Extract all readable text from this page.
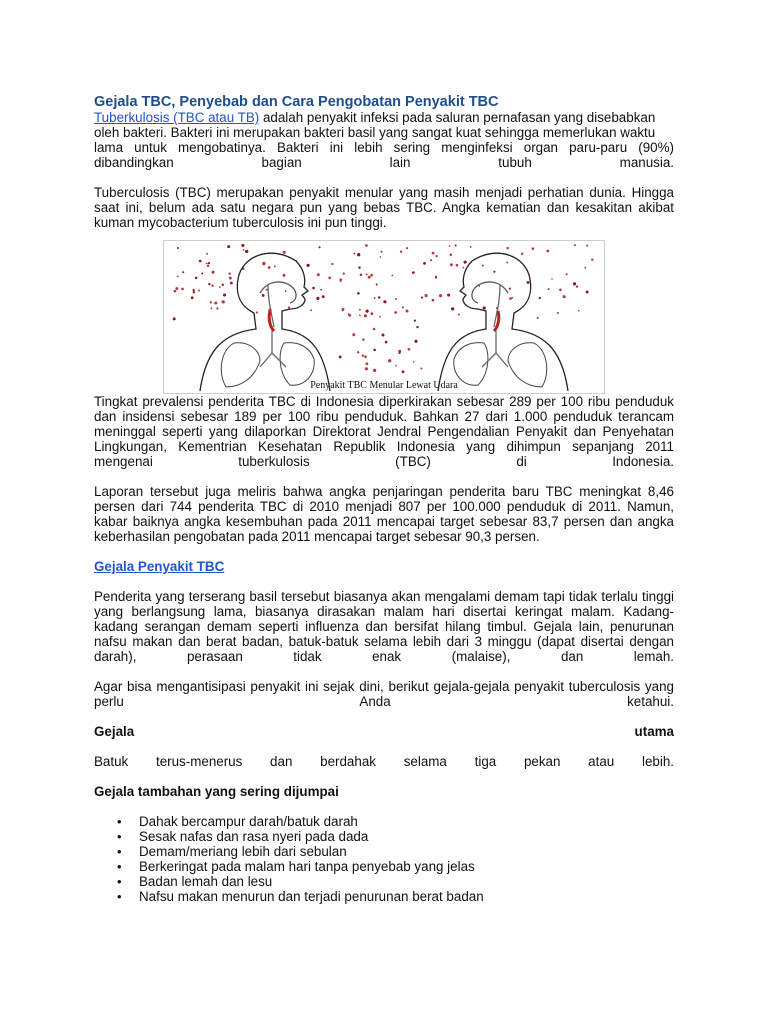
Gejala TBC, Penyebab dan Cara Pengobatan Penyakit TBC

Tuberkulosis (TBC atau TB) adalah penyakit infeksi pada saluran pernafasan yang disebabkan

oleh bakteri. Bakteri ini merupakan bakteri basil yang sangat kuat sehingga memerlukan waktu

lama untuk mengobatinya. Bakteri ini lebih sering menginfeksi organ paru-paru (90%)

dibandingkan bagian lain tubuh manusia.

Tuberculosis (TBC) merupakan penyakit menular yang masih menjadi perhatian dunia. Hingga

saat ini, belum ada satu negara pun yang bebas TBC. Angka kematian dan kesakitan akibat

kuman mycobacterium tuberculosis ini pun tinggi.

Penyakit TBC Menular Lewat Udara

Tingkat prevalensi penderita TBC di Indonesia diperkirakan sebesar 289 per 100 ribu penduduk

dan insidensi sebesar 189 per 100 ribu penduduk. Bahkan 27 dari 1.000 penduduk terancam

meninggal seperti yang dilaporkan Direktorat Jendral Pengendalian Penyakit dan Penyehatan

Lingkungan, Kementrian Kesehatan Republik Indonesia yang dihimpun sepanjang 2011

mengenai tuberkulosis (TBC) di Indonesia.

Laporan tersebut juga meliris bahwa angka penjaringan penderita baru TBC meningkat 8,46

persen dari 744 penderita TBC di 2010 menjadi 807 per 100.000 penduduk di 2011. Namun,

kabar baiknya angka kesembuhan pada 2011 mencapai target sebesar 83,7 persen dan angka

keberhasilan pengobatan pada 2011 mencapai target sebesar 90,3 persen.

Gejala Penyakit TBC

Penderita yang terserang basil tersebut biasanya akan mengalami demam tapi tidak terlalu tinggi

yang berlangsung lama, biasanya dirasakan malam hari disertai keringat malam. Kadang-

kadang serangan demam seperti influenza dan bersifat hilang timbul. Gejala lain, penurunan

nafsu makan dan berat badan, batuk-batuk selama lebih dari 3 minggu (dapat disertai dengan

darah), perasaan tidak enak (malaise), dan lemah.

Agar bisa mengantisipasi penyakit ini sejak dini, berikut gejala-gejala penyakit tuberculosis yang

perlu Anda ketahui.

Gejala utama

Batuk terus-menerus dan berdahak selama tiga pekan atau lebih.

Gejala tambahan yang sering dijumpai

• Dahak bercampur darah/batuk darah
• Sesak nafas dan rasa nyeri pada dada
• Demam/meriang lebih dari sebulan
• Berkeringat pada malam hari tanpa penyebab yang jelas
• Badan lemah dan lesu
• Nafsu makan menurun dan terjadi penurunan berat badan
